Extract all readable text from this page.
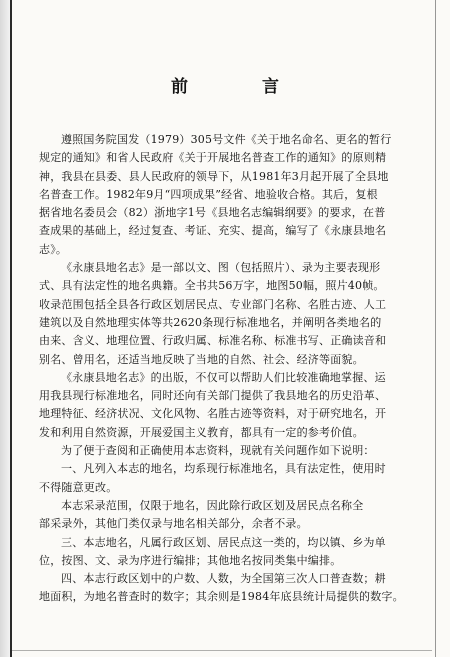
前 言

遵照国务院国发（1979）305号文件《关于地名命名、更名的暂行
规定的通知》和省人民政府《关于开展地名普查工作的通知》的原则精
神，我县在县委、县人民政府的领导下，从1981年3月起开展了全县地
名普查工作。1982年9月“四项成果”经省、地验收合格。其后，复根
据省地名委员会（82）浙地字1号《县地名志编辑纲要》的要求，在普
查成果的基础上，经过复查、考证、充实、提高，编写了《永康县地名
志》。

《永康县地名志》是一部以文、图（包括照片）、录为主要表现形
式、具有法定性的地名典籍。全书共56万字，地图50幅，照片40帧。
收录范围包括全县各行政区划居民点、专业部门名称、名胜古迹、人工
建筑以及自然地理实体等共2620条现行标准地名，并阐明各类地名的
由来、含义、地理位置、行政归属、标准名称、标准书写、正确读音和
别名、曾用名，还适当地反映了当地的自然、社会、经济等面貌。

《永康县地名志》的出版，不仅可以帮助人们比较准确地掌握、运
用我县现行标准地名，同时还向有关部门提供了我县地名的历史沿革、
地理特征、经济状况、文化风物、名胜古迹等资料，对于研究地名，开
发和利用自然资源，开展爱国主义教育，都具有一定的参考价值。

为了便于查阅和正确使用本志资料，现就有关问题作如下说明：

一、凡列入本志的地名，均系现行标准地名，具有法定性，使用时
不得随意更改。

本志采录范围，仅限于地名，因此除行政区划及居民点名称全
部采录外，其他门类仅录与地名相关部分，余者不录。

三、本志地名，凡属行政区划、居民点这一类的，均以镇、乡为单
位，按图、文、录为序进行编排；其他地名按同类集中编排。

四、本志行政区划中的户数、人数，为全国第三次人口普查数；耕
地面积，为地名普查时的数字；其余则是1984年底县统计局提供的数字。
